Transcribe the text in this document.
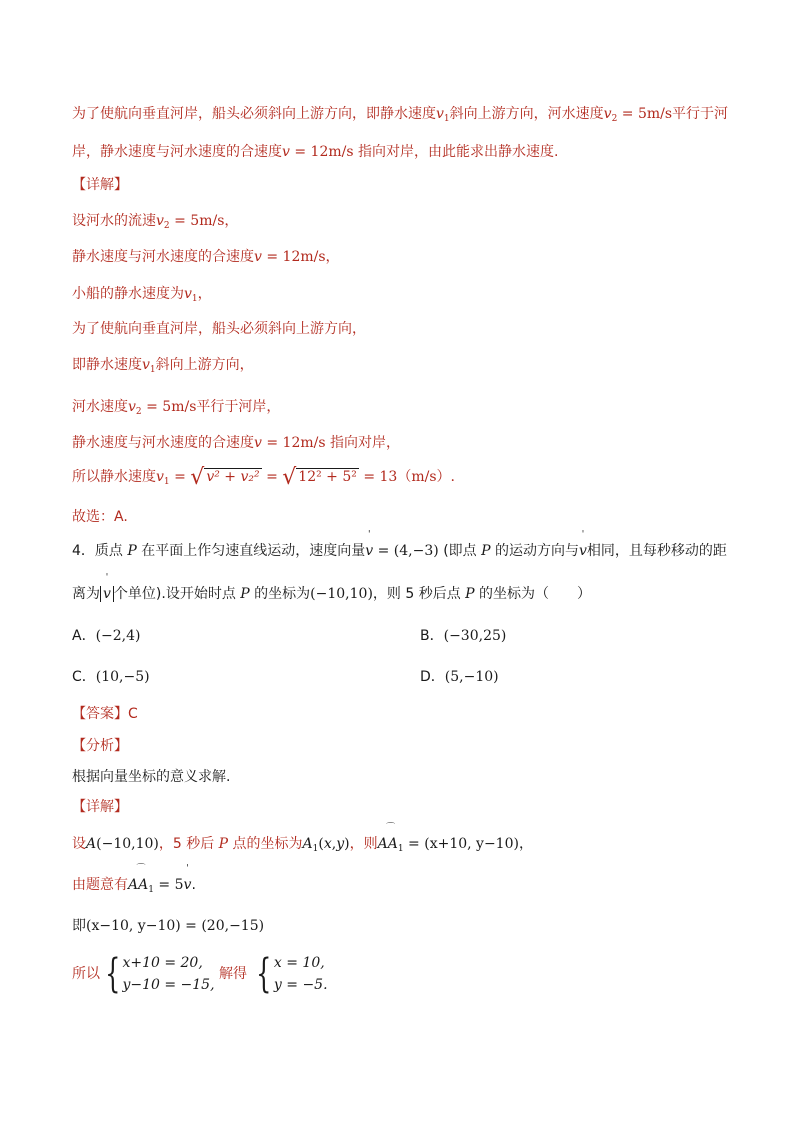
为了使航向垂直河岸，船头必须斜向上游方向，即静水速度$v_1$斜向上游方向，河水速度$v_2 = 5m/s$平行于河
岸，静水速度与河水速度的合速度v = 12m/s 指向对岸，由此能求出静水速度.
【详解】
设河水的流速$v_2 = 5m/s$，
静水速度与河水速度的合速度v = 12m/s，
小船的静水速度为$v_1$，
为了使航向垂直河岸，船头必须斜向上游方向，
即静水速度$v_1$斜向上游方向，
河水速度$v_2 = 5m/s$平行于河岸，
静水速度与河水速度的合速度v = 12m/s 指向对岸，
所以静水速度$v_1$ = √ v² + v₂² = √ 12² + 5² = 13（m/s）.
故选：A.
4．质点 P 在平面上作匀速直线运动，速度向量
'
v = (4,−3) (即点 P 的运动方向与
'
v相同，且每秒移动的距
离为
'
v 个单位).设开始时点 P 的坐标为(−10,10)，则 5 秒后点 P 的坐标为（　　）
A．(−2,4)	B．(−30,25)
C．(10,−5)	D．(5,−10)
【答案】C
【分析】
根据向量坐标的意义求解.
【详解】
设A(−10,10)，5 秒后 P 点的坐标为$A_1(x,y)$，则
⌒
$AA_1 = (x+10$, y−10)，
由题意有
⌒
$AA_1 = 5$
'
v.
即(x−10, y−10) = (20,−15)
所以 { x+10 = 20,
y−10 = −15,
解得 { x = 10,
y = −5.
